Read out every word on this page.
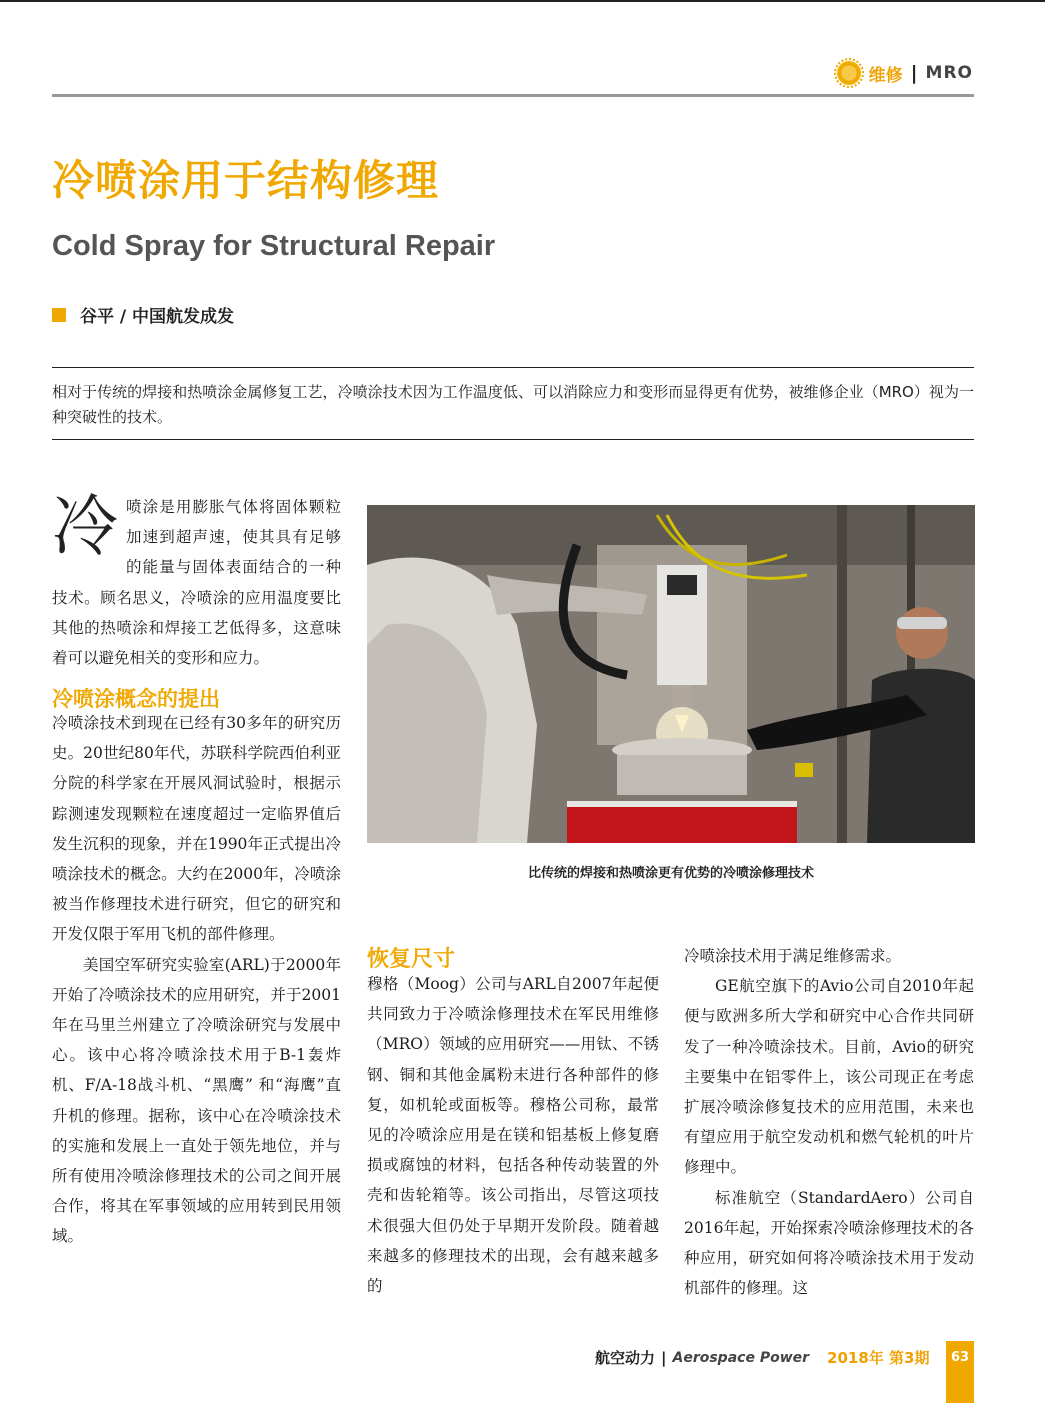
维修 | MRO
冷喷涂用于结构修理
Cold Spray for Structural Repair
谷平 / 中国航发成发
相对于传统的焊接和热喷涂金属修复工艺，冷喷涂技术因为工作温度低、可以消除应力和变形而显得更有优势，被维修企业（MRO）视为一种突破性的技术。
冷 喷涂是用膨胀气体将固体颗粒加速到超声速，使其具有足够的能量与固体表面结合的一种技术。顾名思义，冷喷涂的应用温度要比其他的热喷涂和焊接工艺低得多，这意味着可以避免相关的变形和应力。
冷喷涂概念的提出

冷喷涂技术到现在已经有30多年的研究历史。20世纪80年代，苏联科学院西伯利亚分院的科学家在开展风洞试验时，根据示踪测速发现颗粒在速度超过一定临界值后发生沉积的现象，并在1990年正式提出冷喷涂技术的概念。大约在2000年，冷喷涂被当作修理技术进行研究，但它的研究和开发仅限于军用飞机的部件修理。

美国空军研究实验室(ARL)于2000年开始了冷喷涂技术的应用研究，并于2001年在马里兰州建立了冷喷涂研究与发展中心。该中心将冷喷涂技术用于B-1轰炸机、F/A-18战斗机、“黑鹰” 和“海鹰”直升机的修理。据称，该中心在冷喷涂技术的实施和发展上一直处于领先地位，并与所有使用冷喷涂修理技术的公司之间开展合作，将其在军事领域的应用转到民用领域。

比传统的焊接和热喷涂更有优势的冷喷涂修理技术
恢复尺寸

穆格（Moog）公司与ARL自2007年起便共同致力于冷喷涂修理技术在军民用维修（MRO）领域的应用研究——用钛、不锈钢、铜和其他金属粉末进行各种部件的修复，如机轮或面板等。穆格公司称，最常见的冷喷涂应用是在镁和铝基板上修复磨损或腐蚀的材料，包括各种传动装置的外壳和齿轮箱等。该公司指出，尽管这项技术很强大但仍处于早期开发阶段。随着越来越多的修理技术的出现，会有越来越多的

冷喷涂技术用于满足维修需求。

GE航空旗下的Avio公司自2010年起便与欧洲多所大学和研究中心合作共同研发了一种冷喷涂技术。目前，Avio的研究主要集中在铝零件上，该公司现正在考虑扩展冷喷涂修复技术的应用范围，未来也有望应用于航空发动机和燃气轮机的叶片修理中。

标准航空（StandardAero）公司自2016年起，开始探索冷喷涂修理技术的各种应用，研究如何将冷喷涂技术用于发动机部件的修理。这

航空动力 | Aerospace Power 2018年 第3期	63
